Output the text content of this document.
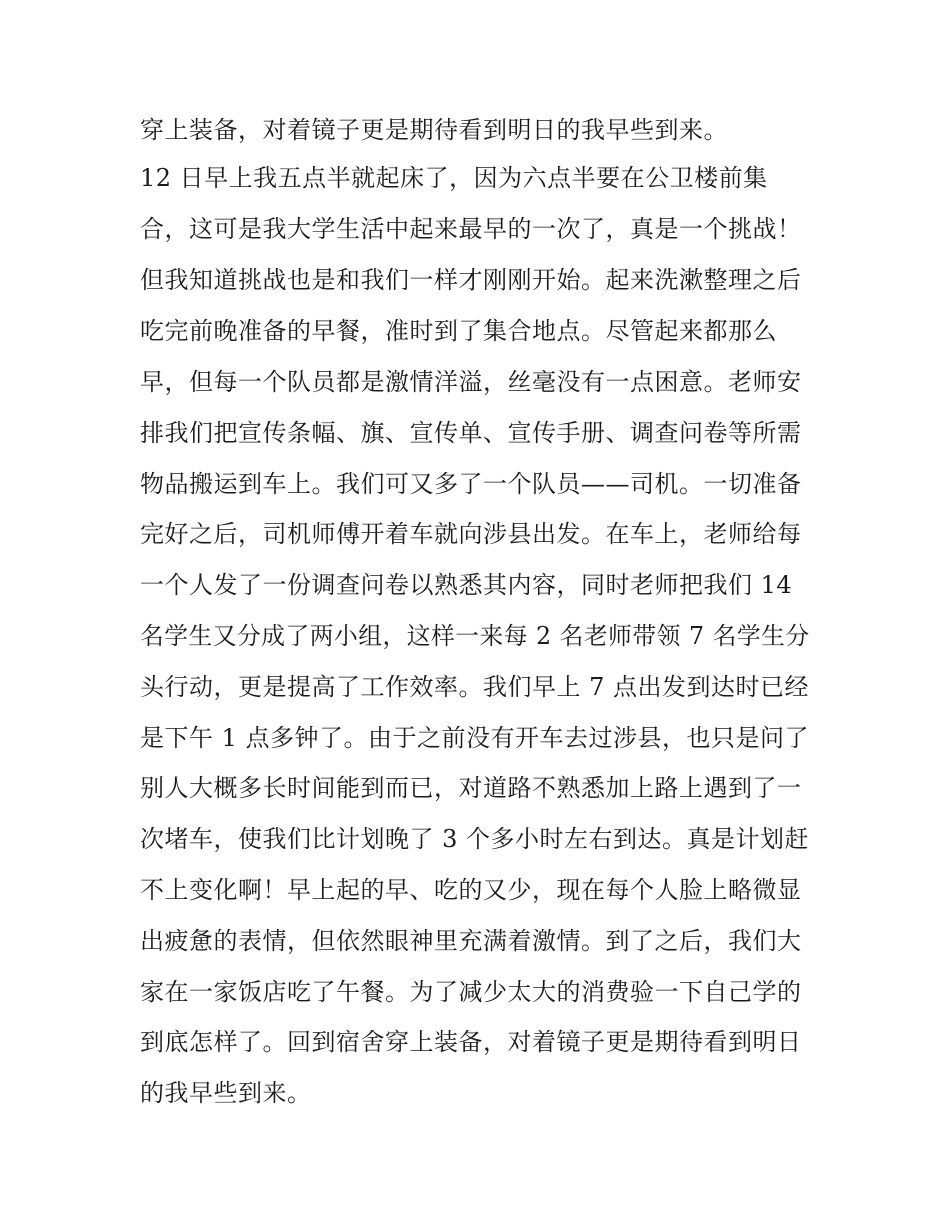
穿上装备，对着镜子更是期待看到明日的我早些到来。
12 日早上我五点半就起床了，因为六点半要在公卫楼前集
合，这可是我大学生活中起来最早的一次了，真是一个挑战！
但我知道挑战也是和我们一样才刚刚开始。起来洗漱整理之后
吃完前晚准备的早餐，准时到了集合地点。尽管起来都那么
早，但每一个队员都是激情洋溢，丝毫没有一点困意。老师安
排我们把宣传条幅、旗、宣传单、宣传手册、调查问卷等所需
物品搬运到车上。我们可又多了一个队员——司机。一切准备
完好之后，司机师傅开着车就向涉县出发。在车上，老师给每
一个人发了一份调查问卷以熟悉其内容，同时老师把我们 14
名学生又分成了两小组，这样一来每 2 名老师带领 7 名学生分
头行动，更是提高了工作效率。我们早上 7 点出发到达时已经
是下午 1 点多钟了。由于之前没有开车去过涉县，也只是问了
别人大概多长时间能到而已，对道路不熟悉加上路上遇到了一
次堵车，使我们比计划晚了 3 个多小时左右到达。真是计划赶
不上变化啊！早上起的早、吃的又少，现在每个人脸上略微显
出疲惫的表情，但依然眼神里充满着激情。到了之后，我们大
家在一家饭店吃了午餐。为了减少太大的消费验一下自己学的
到底怎样了。回到宿舍穿上装备，对着镜子更是期待看到明日
的我早些到来。
